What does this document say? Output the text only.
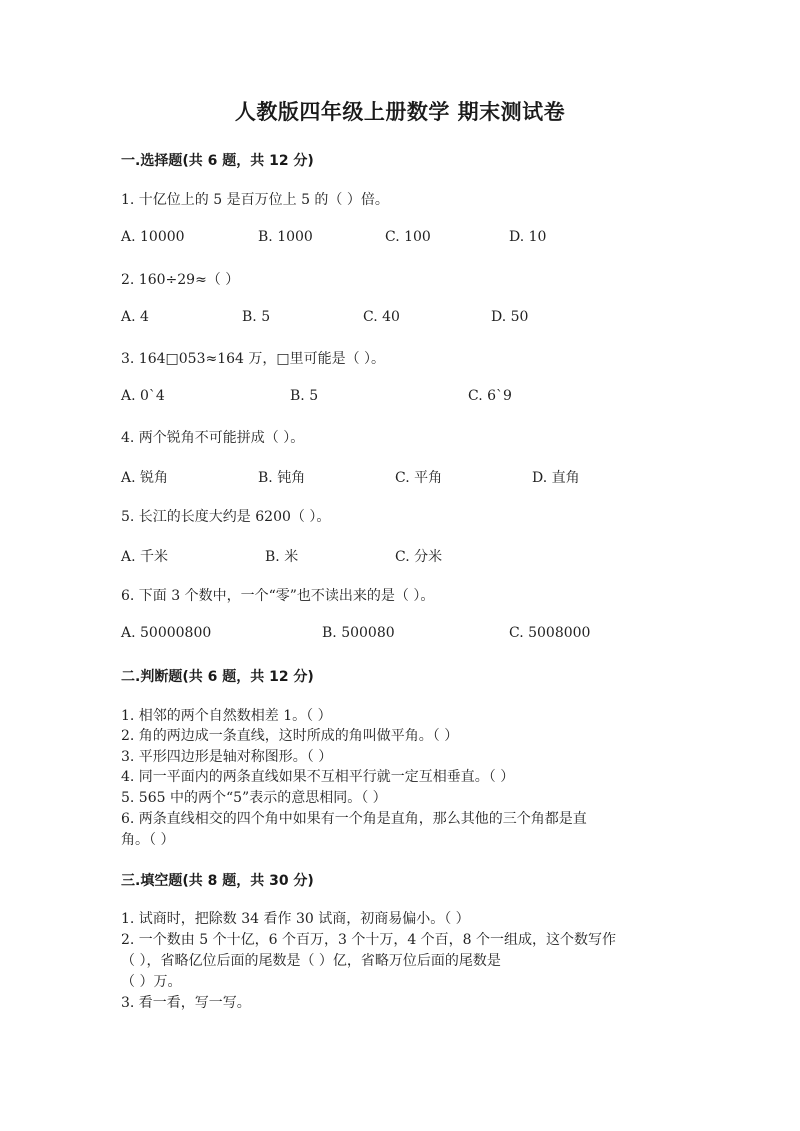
人教版四年级上册数学 期末测试卷
一.选择题(共 6 题，共 12 分)
1. 十亿位上的 5 是百万位上 5 的（ ）倍。
A. 10000	B. 1000	C. 100	D. 10
2. 160÷29≈（ ）
A. 4	B. 5	C. 40	D. 50
3. 164□053≈164 万，□里可能是（ ）。
A. 0ˋ4	B. 5	C. 6ˋ9
4. 两个锐角不可能拼成（ ）。
A. 锐角	B. 钝角	C. 平角	D. 直角
5. 长江的长度大约是 6200（ ）。
A. 千米	B. 米	C. 分米
6. 下面 3 个数中，一个“零”也不读出来的是（ ）。
A. 50000800	B. 500080	C. 5008000
二.判断题(共 6 题，共 12 分)
1. 相邻的两个自然数相差 1。（ ）
2. 角的两边成一条直线，这时所成的角叫做平角。（ ）
3. 平形四边形是轴对称图形。（ ）
4. 同一平面内的两条直线如果不互相平行就一定互相垂直。（ ）
5. 565 中的两个“5”表示的意思相同。（ ）
6. 两条直线相交的四个角中如果有一个角是直角，那么其他的三个角都是直
角。（ ）
三.填空题(共 8 题，共 30 分)
1. 试商时，把除数 34 看作 30 试商，初商易偏小。（ ）
2. 一个数由 5 个十亿，6 个百万，3 个十万，4 个百，8 个一组成，这个数写作
（ ），省略亿位后面的尾数是（ ）亿，省略万位后面的尾数是
（ ）万。
3. 看一看，写一写。
